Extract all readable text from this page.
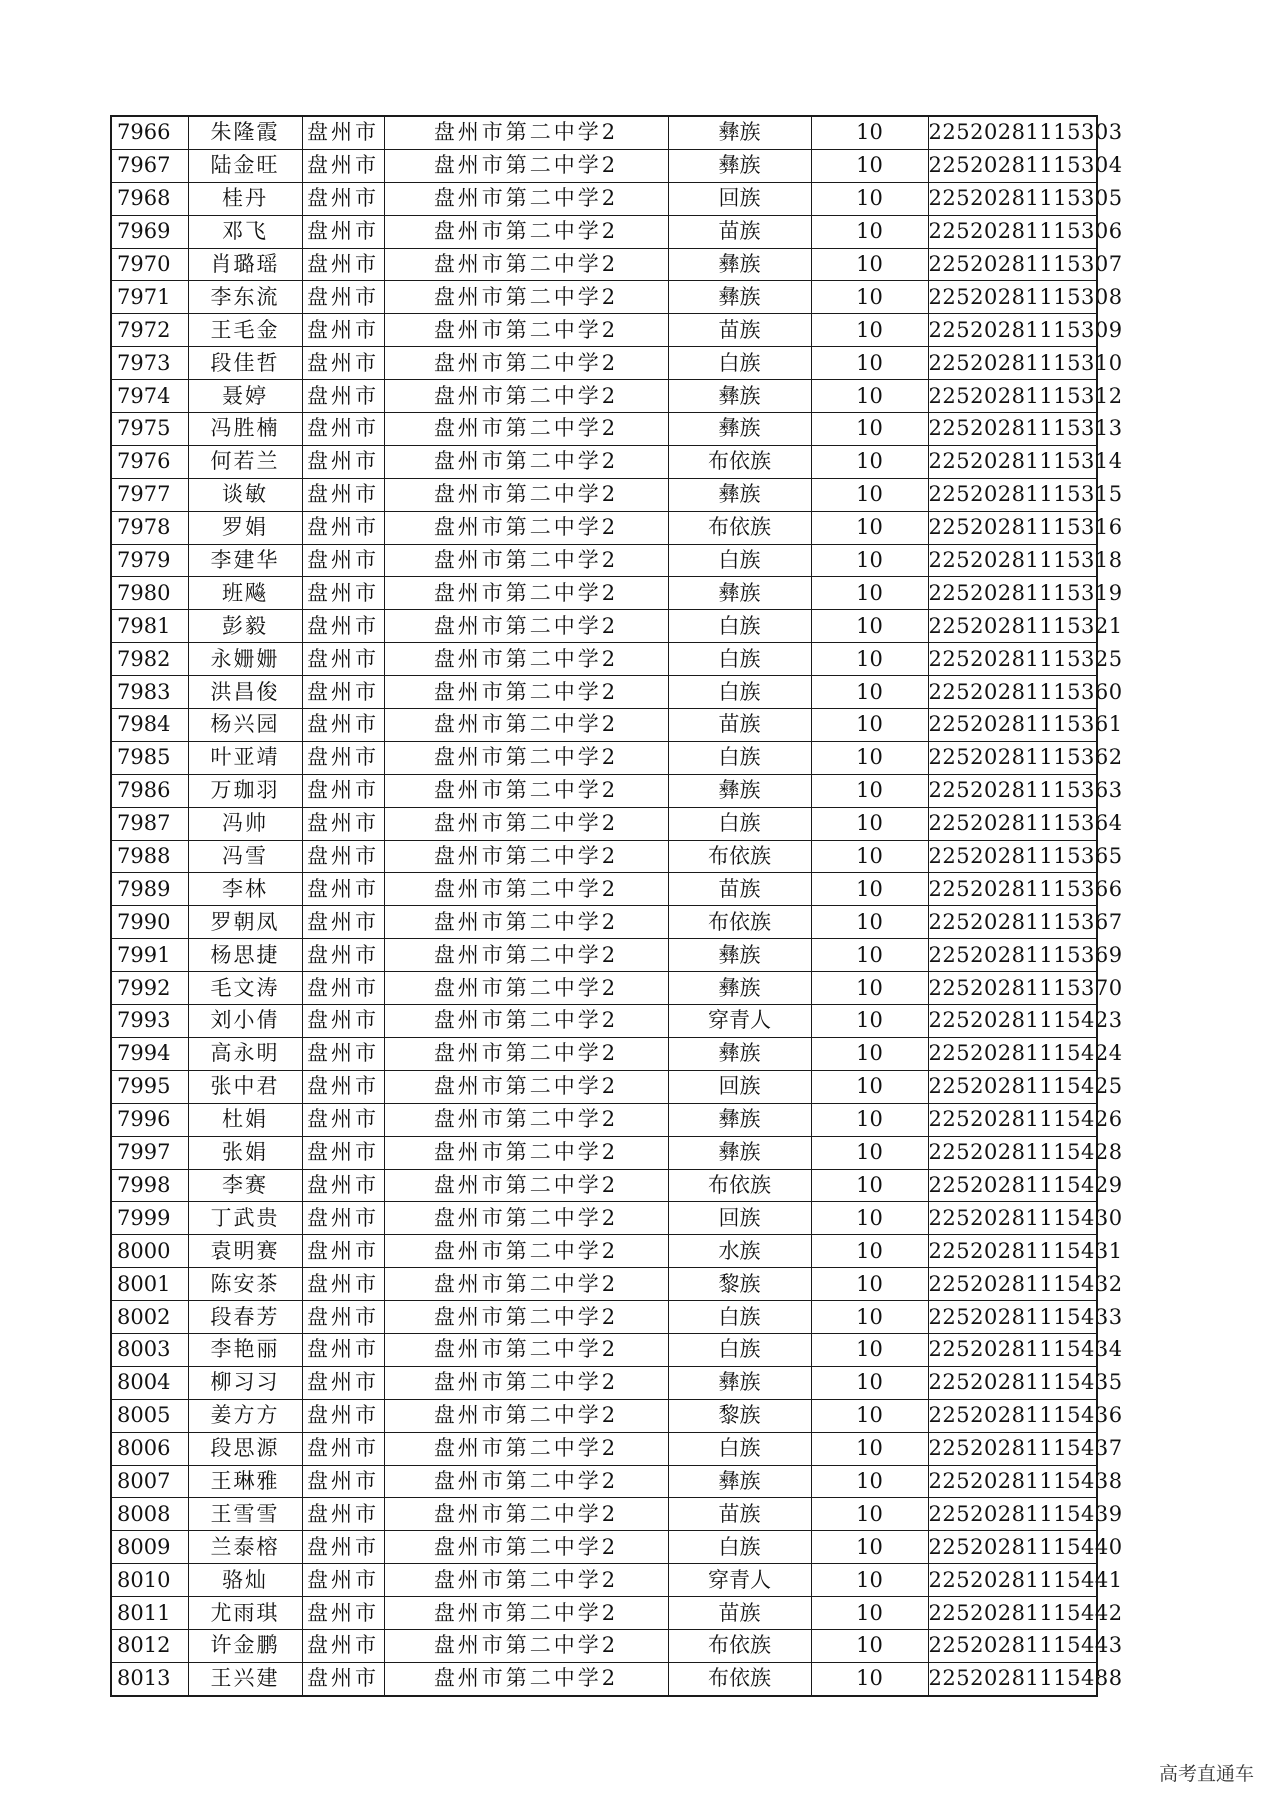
7966	朱隆霞	盘州市	盘州市第二中学2	彝族	10	22520281115303
7967	陆金旺	盘州市	盘州市第二中学2	彝族	10	22520281115304
7968	桂丹	盘州市	盘州市第二中学2	回族	10	22520281115305
7969	邓飞	盘州市	盘州市第二中学2	苗族	10	22520281115306
7970	肖璐瑶	盘州市	盘州市第二中学2	彝族	10	22520281115307
7971	李东流	盘州市	盘州市第二中学2	彝族	10	22520281115308
7972	王毛金	盘州市	盘州市第二中学2	苗族	10	22520281115309
7973	段佳哲	盘州市	盘州市第二中学2	白族	10	22520281115310
7974	聂婷	盘州市	盘州市第二中学2	彝族	10	22520281115312
7975	冯胜楠	盘州市	盘州市第二中学2	彝族	10	22520281115313
7976	何若兰	盘州市	盘州市第二中学2	布依族	10	22520281115314
7977	谈敏	盘州市	盘州市第二中学2	彝族	10	22520281115315
7978	罗娟	盘州市	盘州市第二中学2	布依族	10	22520281115316
7979	李建华	盘州市	盘州市第二中学2	白族	10	22520281115318
7980	班飚	盘州市	盘州市第二中学2	彝族	10	22520281115319
7981	彭毅	盘州市	盘州市第二中学2	白族	10	22520281115321
7982	永姗姗	盘州市	盘州市第二中学2	白族	10	22520281115325
7983	洪昌俊	盘州市	盘州市第二中学2	白族	10	22520281115360
7984	杨兴园	盘州市	盘州市第二中学2	苗族	10	22520281115361
7985	叶亚靖	盘州市	盘州市第二中学2	白族	10	22520281115362
7986	万珈羽	盘州市	盘州市第二中学2	彝族	10	22520281115363
7987	冯帅	盘州市	盘州市第二中学2	白族	10	22520281115364
7988	冯雪	盘州市	盘州市第二中学2	布依族	10	22520281115365
7989	李林	盘州市	盘州市第二中学2	苗族	10	22520281115366
7990	罗朝凤	盘州市	盘州市第二中学2	布依族	10	22520281115367
7991	杨思捷	盘州市	盘州市第二中学2	彝族	10	22520281115369
7992	毛文涛	盘州市	盘州市第二中学2	彝族	10	22520281115370
7993	刘小倩	盘州市	盘州市第二中学2	穿青人	10	22520281115423
7994	高永明	盘州市	盘州市第二中学2	彝族	10	22520281115424
7995	张中君	盘州市	盘州市第二中学2	回族	10	22520281115425
7996	杜娟	盘州市	盘州市第二中学2	彝族	10	22520281115426
7997	张娟	盘州市	盘州市第二中学2	彝族	10	22520281115428
7998	李赛	盘州市	盘州市第二中学2	布依族	10	22520281115429
7999	丁武贵	盘州市	盘州市第二中学2	回族	10	22520281115430
8000	袁明赛	盘州市	盘州市第二中学2	水族	10	22520281115431
8001	陈安茶	盘州市	盘州市第二中学2	黎族	10	22520281115432
8002	段春芳	盘州市	盘州市第二中学2	白族	10	22520281115433
8003	李艳丽	盘州市	盘州市第二中学2	白族	10	22520281115434
8004	柳习习	盘州市	盘州市第二中学2	彝族	10	22520281115435
8005	姜方方	盘州市	盘州市第二中学2	黎族	10	22520281115436
8006	段思源	盘州市	盘州市第二中学2	白族	10	22520281115437
8007	王琳雅	盘州市	盘州市第二中学2	彝族	10	22520281115438
8008	王雪雪	盘州市	盘州市第二中学2	苗族	10	22520281115439
8009	兰泰榕	盘州市	盘州市第二中学2	白族	10	22520281115440
8010	骆灿	盘州市	盘州市第二中学2	穿青人	10	22520281115441
8011	尤雨琪	盘州市	盘州市第二中学2	苗族	10	22520281115442
8012	许金鹏	盘州市	盘州市第二中学2	布依族	10	22520281115443
8013	王兴建	盘州市	盘州市第二中学2	布依族	10	22520281115488
高考直通车
